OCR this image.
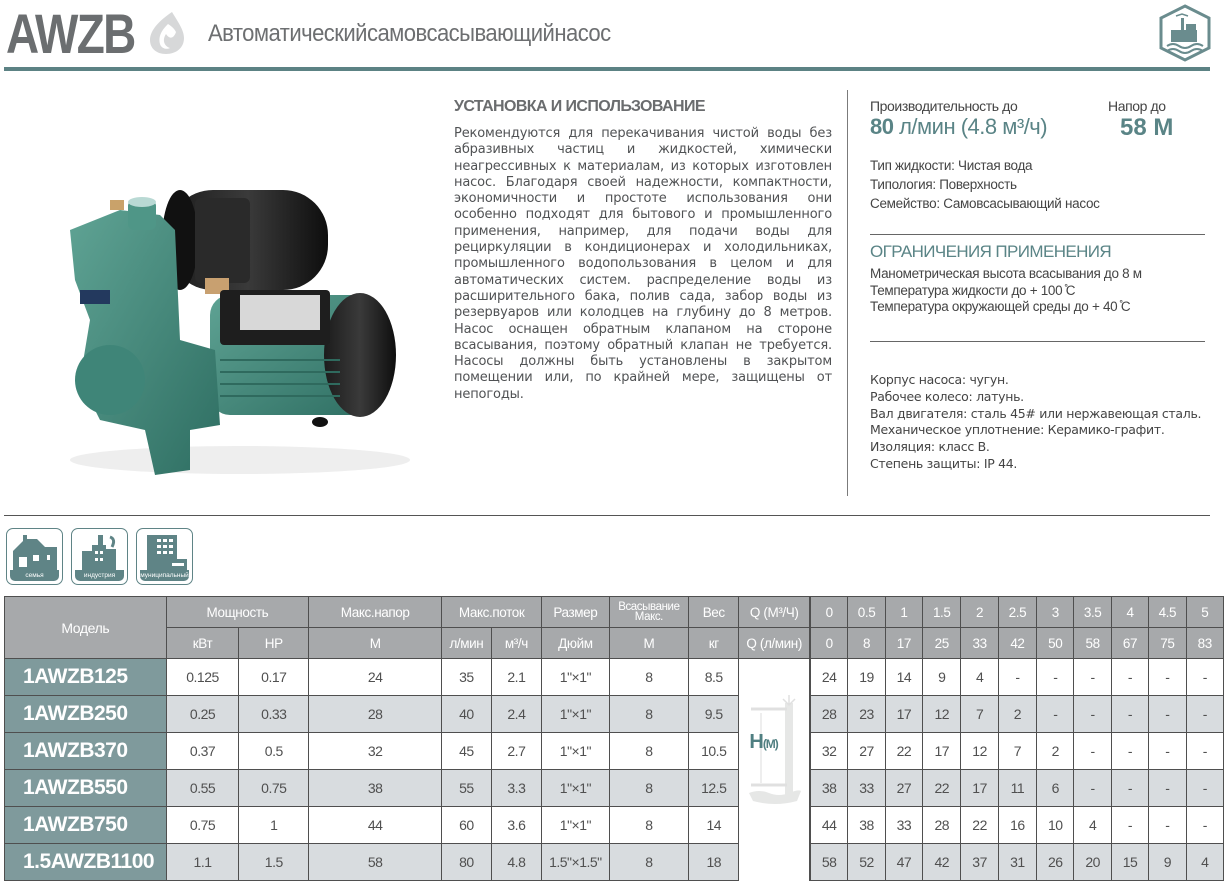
AWZB	Автоматическийсамовсасывающийнасос
УСТАНОВКА И ИСПОЛЬЗОВАНИЕ
Рекомендуются для перекачивания чистой воды без абразивных частиц и жидкостей, химически неагрессивных к материалам, из которых изготовлен насос. Благодаря своей надежности, компактности, экономичности и простоте использования они особенно подходят для бытового и промышленного применения, например, для подачи воды для рециркуляции в кондиционерах и холодильниках, промышленного водопользования в целом и для автоматических систем. распределение воды из расширительного бака, полив сада, забор воды из резервуаров или колодцев на глубину до 8 метров. Насос оснащен обратным клапаном на стороне всасывания, поэтому обратный клапан не требуется. Насосы должны быть установлены в закрытом помещении или, по крайней мере, защищены от непогоды.
Производительность до
80 л/мин (4.8 м³/ч)
Напор до
58 M
Тип жидкости: Чистая вода
Типология: Поверхность
Семейство: Самовсасывающий насос
ОГРАНИЧЕНИЯ ПРИМЕНЕНИЯ
Манометрическая высота всасывания до 8 м
Температура жидкости до + 100 ̊C
Температура окружающей среды до + 40 ̊C
Корпус насоса: чугун.
Рабочее колесо: латунь.
Вал двигателя: сталь 45# или нержавеющая сталь.
Механическое уплотнение: Керамико-графит.
Изоляция: класс B.
Степень защиты: IP 44.
семья	индустрия	муниципальный
Модель	Мощность		Макс.напор	Макс.поток		Размер	Всасывание Макс.	Вес	Q (M³/Ч)		0	0.5	1	1.5	2	2.5	3	3.5	4	4.5	5
	кВт	HP	M	л/мин	м³/ч	Дюйм	M	кг	Q (л/мин)		0	8	17	25	33	42	50	58	67	75	83
1AWZB125	0.125	0.17	24	35	2.1	1"×1"	8	8.5	H(M)		24	19	14	9	4	-	-	-	-	-	-
1AWZB250	0.25	0.33	28	40	2.4	1"×1"	8	9.5		28	23	17	12	7	2	-	-	-	-	-
1AWZB370	0.37	0.5	32	45	2.7	1"×1"	8	10.5		32	27	22	17	12	7	2	-	-	-	-
1AWZB550	0.55	0.75	38	55	3.3	1"×1"	8	12.5		38	33	27	22	17	11	6	-	-	-	-
1AWZB750	0.75	1	44	60	3.6	1"×1"	8	14		44	38	33	28	22	16	10	4	-	-	-
1.5AWZB1100	1.1	1.5	58	80	4.8	1.5"×1.5"	8	18		58	52	47	42	37	31	26	20	15	9	4
